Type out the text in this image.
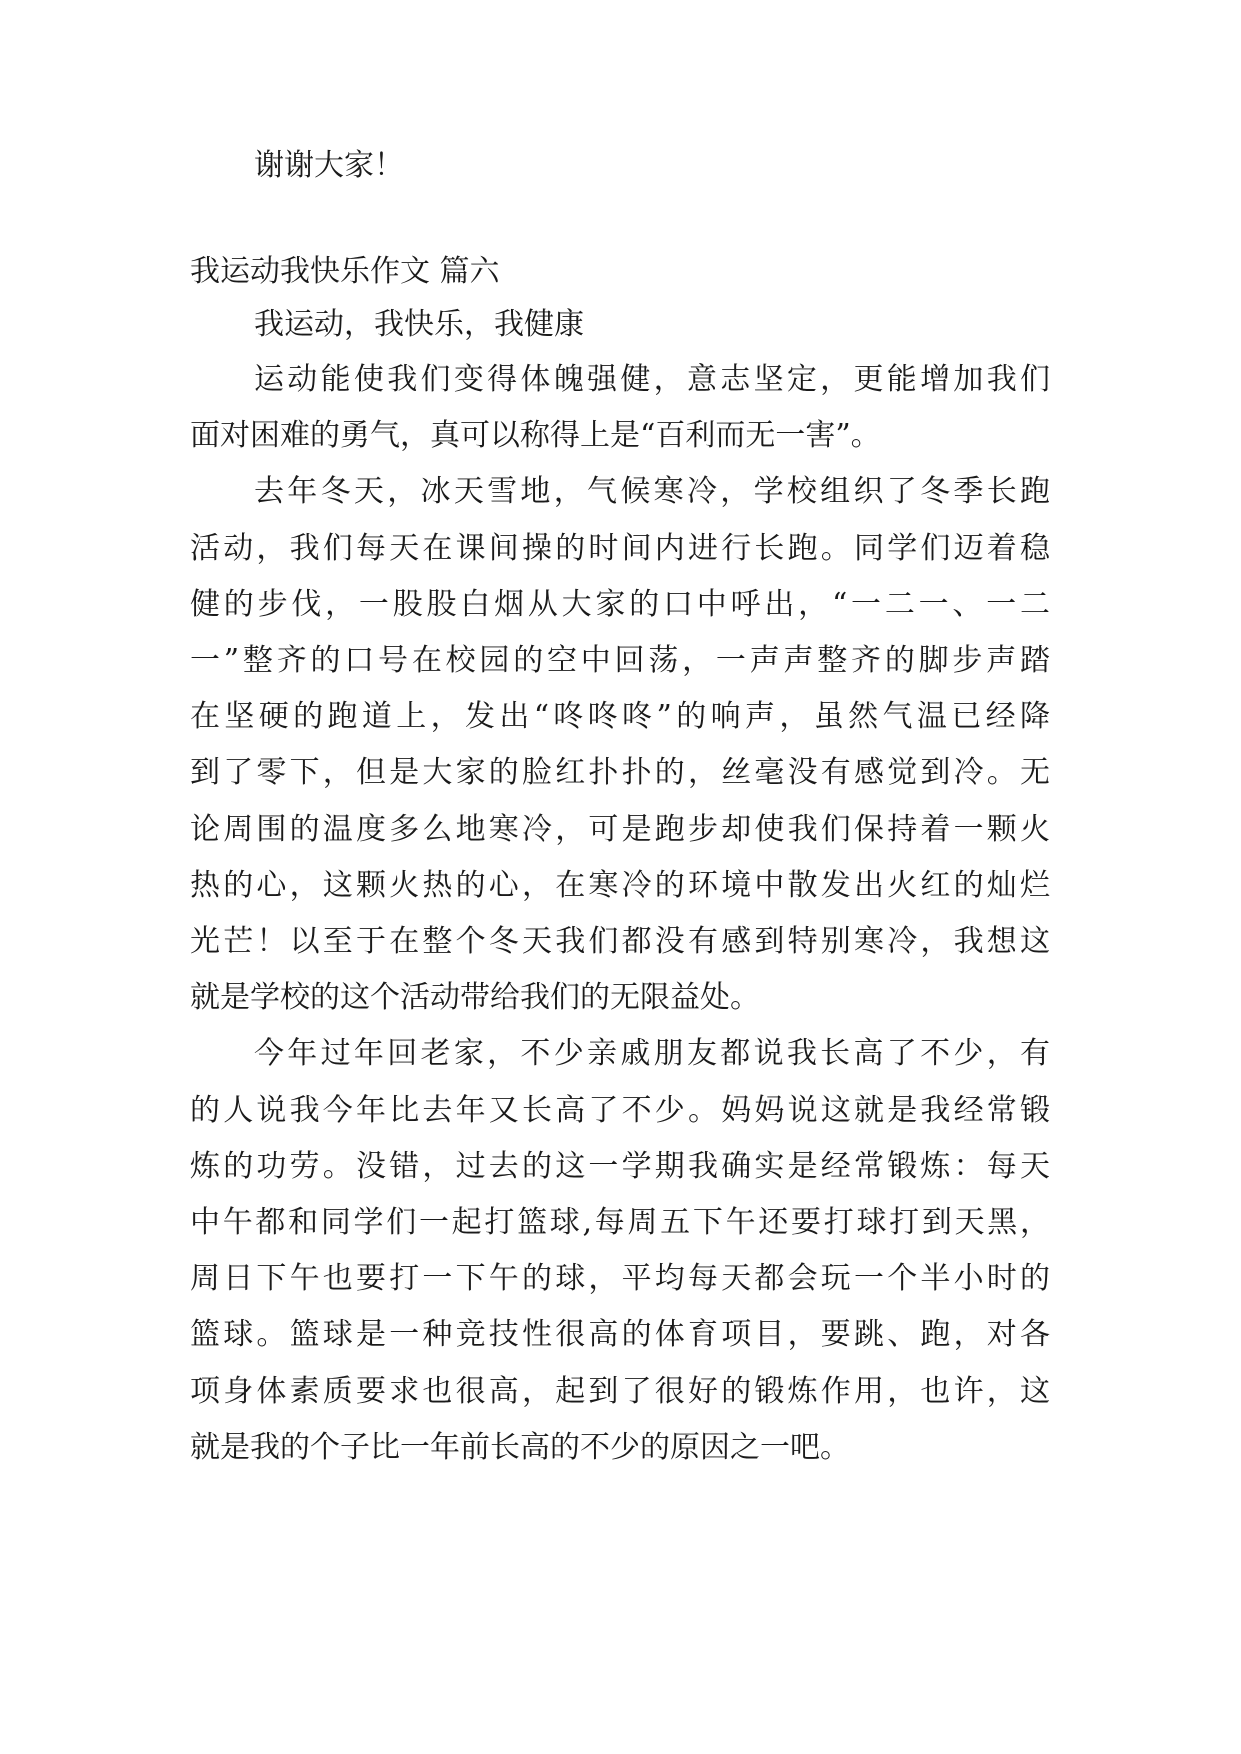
谢谢大家！
我运动我快乐作文 篇六
我运动，我快乐，我健康
运动能使我们变得体魄强健，意志坚定，更能增加我们
面对困难的勇气，真可以称得上是“百利而无一害”。
去年冬天，冰天雪地，气候寒冷，学校组织了冬季长跑
活动，我们每天在课间操的时间内进行长跑。同学们迈着稳
健的步伐，一股股白烟从大家的口中呼出，“一二一、一二
一”整齐的口号在校园的空中回荡，一声声整齐的脚步声踏
在坚硬的跑道上，发出“咚咚咚”的响声，虽然气温已经降
到了零下，但是大家的脸红扑扑的，丝毫没有感觉到冷。无
论周围的温度多么地寒冷，可是跑步却使我们保持着一颗火
热的心，这颗火热的心，在寒冷的环境中散发出火红的灿烂
光芒！以至于在整个冬天我们都没有感到特别寒冷，我想这
就是学校的这个活动带给我们的无限益处。
今年过年回老家，不少亲戚朋友都说我长高了不少，有
的人说我今年比去年又长高了不少。妈妈说这就是我经常锻
炼的功劳。没错，过去的这一学期我确实是经常锻炼：每天
中午都和同学们一起打篮球,每周五下午还要打球打到天黑，
周日下午也要打一下午的球，平均每天都会玩一个半小时的
篮球。篮球是一种竞技性很高的体育项目，要跳、跑，对各
项身体素质要求也很高，起到了很好的锻炼作用，也许，这
就是我的个子比一年前长高的不少的原因之一吧。
